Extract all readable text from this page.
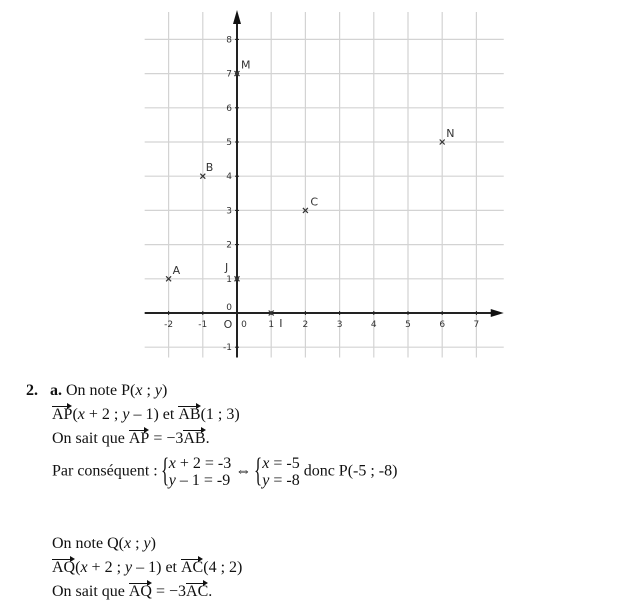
-2	-1	0 1	2	3	4	5	6	7
-1
0
1
2
3
4
5
6
7
8
O
A
B
C
M
N
I
J
2. a. On note P(x ; y)
AP(x + 2 ; y – 1) et AB(1 ; 3)
On sait que AP = −3AB.
Par conséquent : { x + 2 = -3
y – 1 = -9
⇔ { x = -5
y = -8
donc P(-5 ; -8)
On note Q(x ; y)
AQ(x + 2 ; y – 1) et AC(4 ; 2)
On sait que AQ = −3AC.
